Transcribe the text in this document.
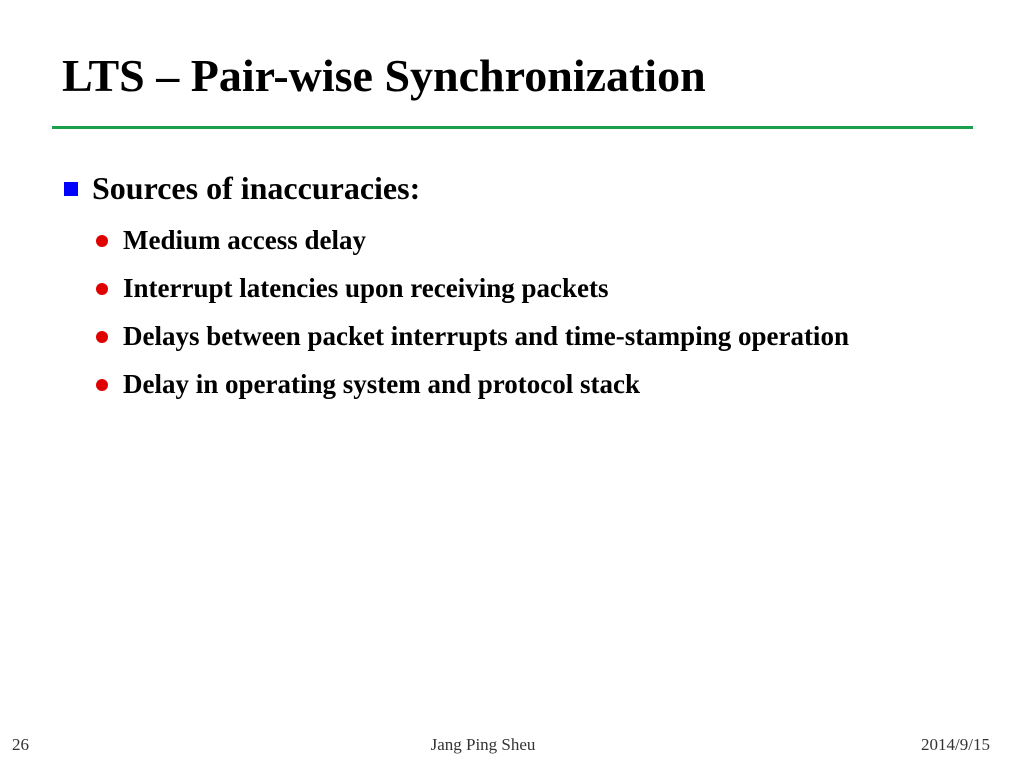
LTS – Pair-wise Synchronization
Sources of inaccuracies:
Medium access delay
Interrupt latencies upon receiving packets
Delays between packet interrupts and time-stamping operation
Delay in operating system and protocol stack
26	Jang Ping Sheu	2014/9/15
